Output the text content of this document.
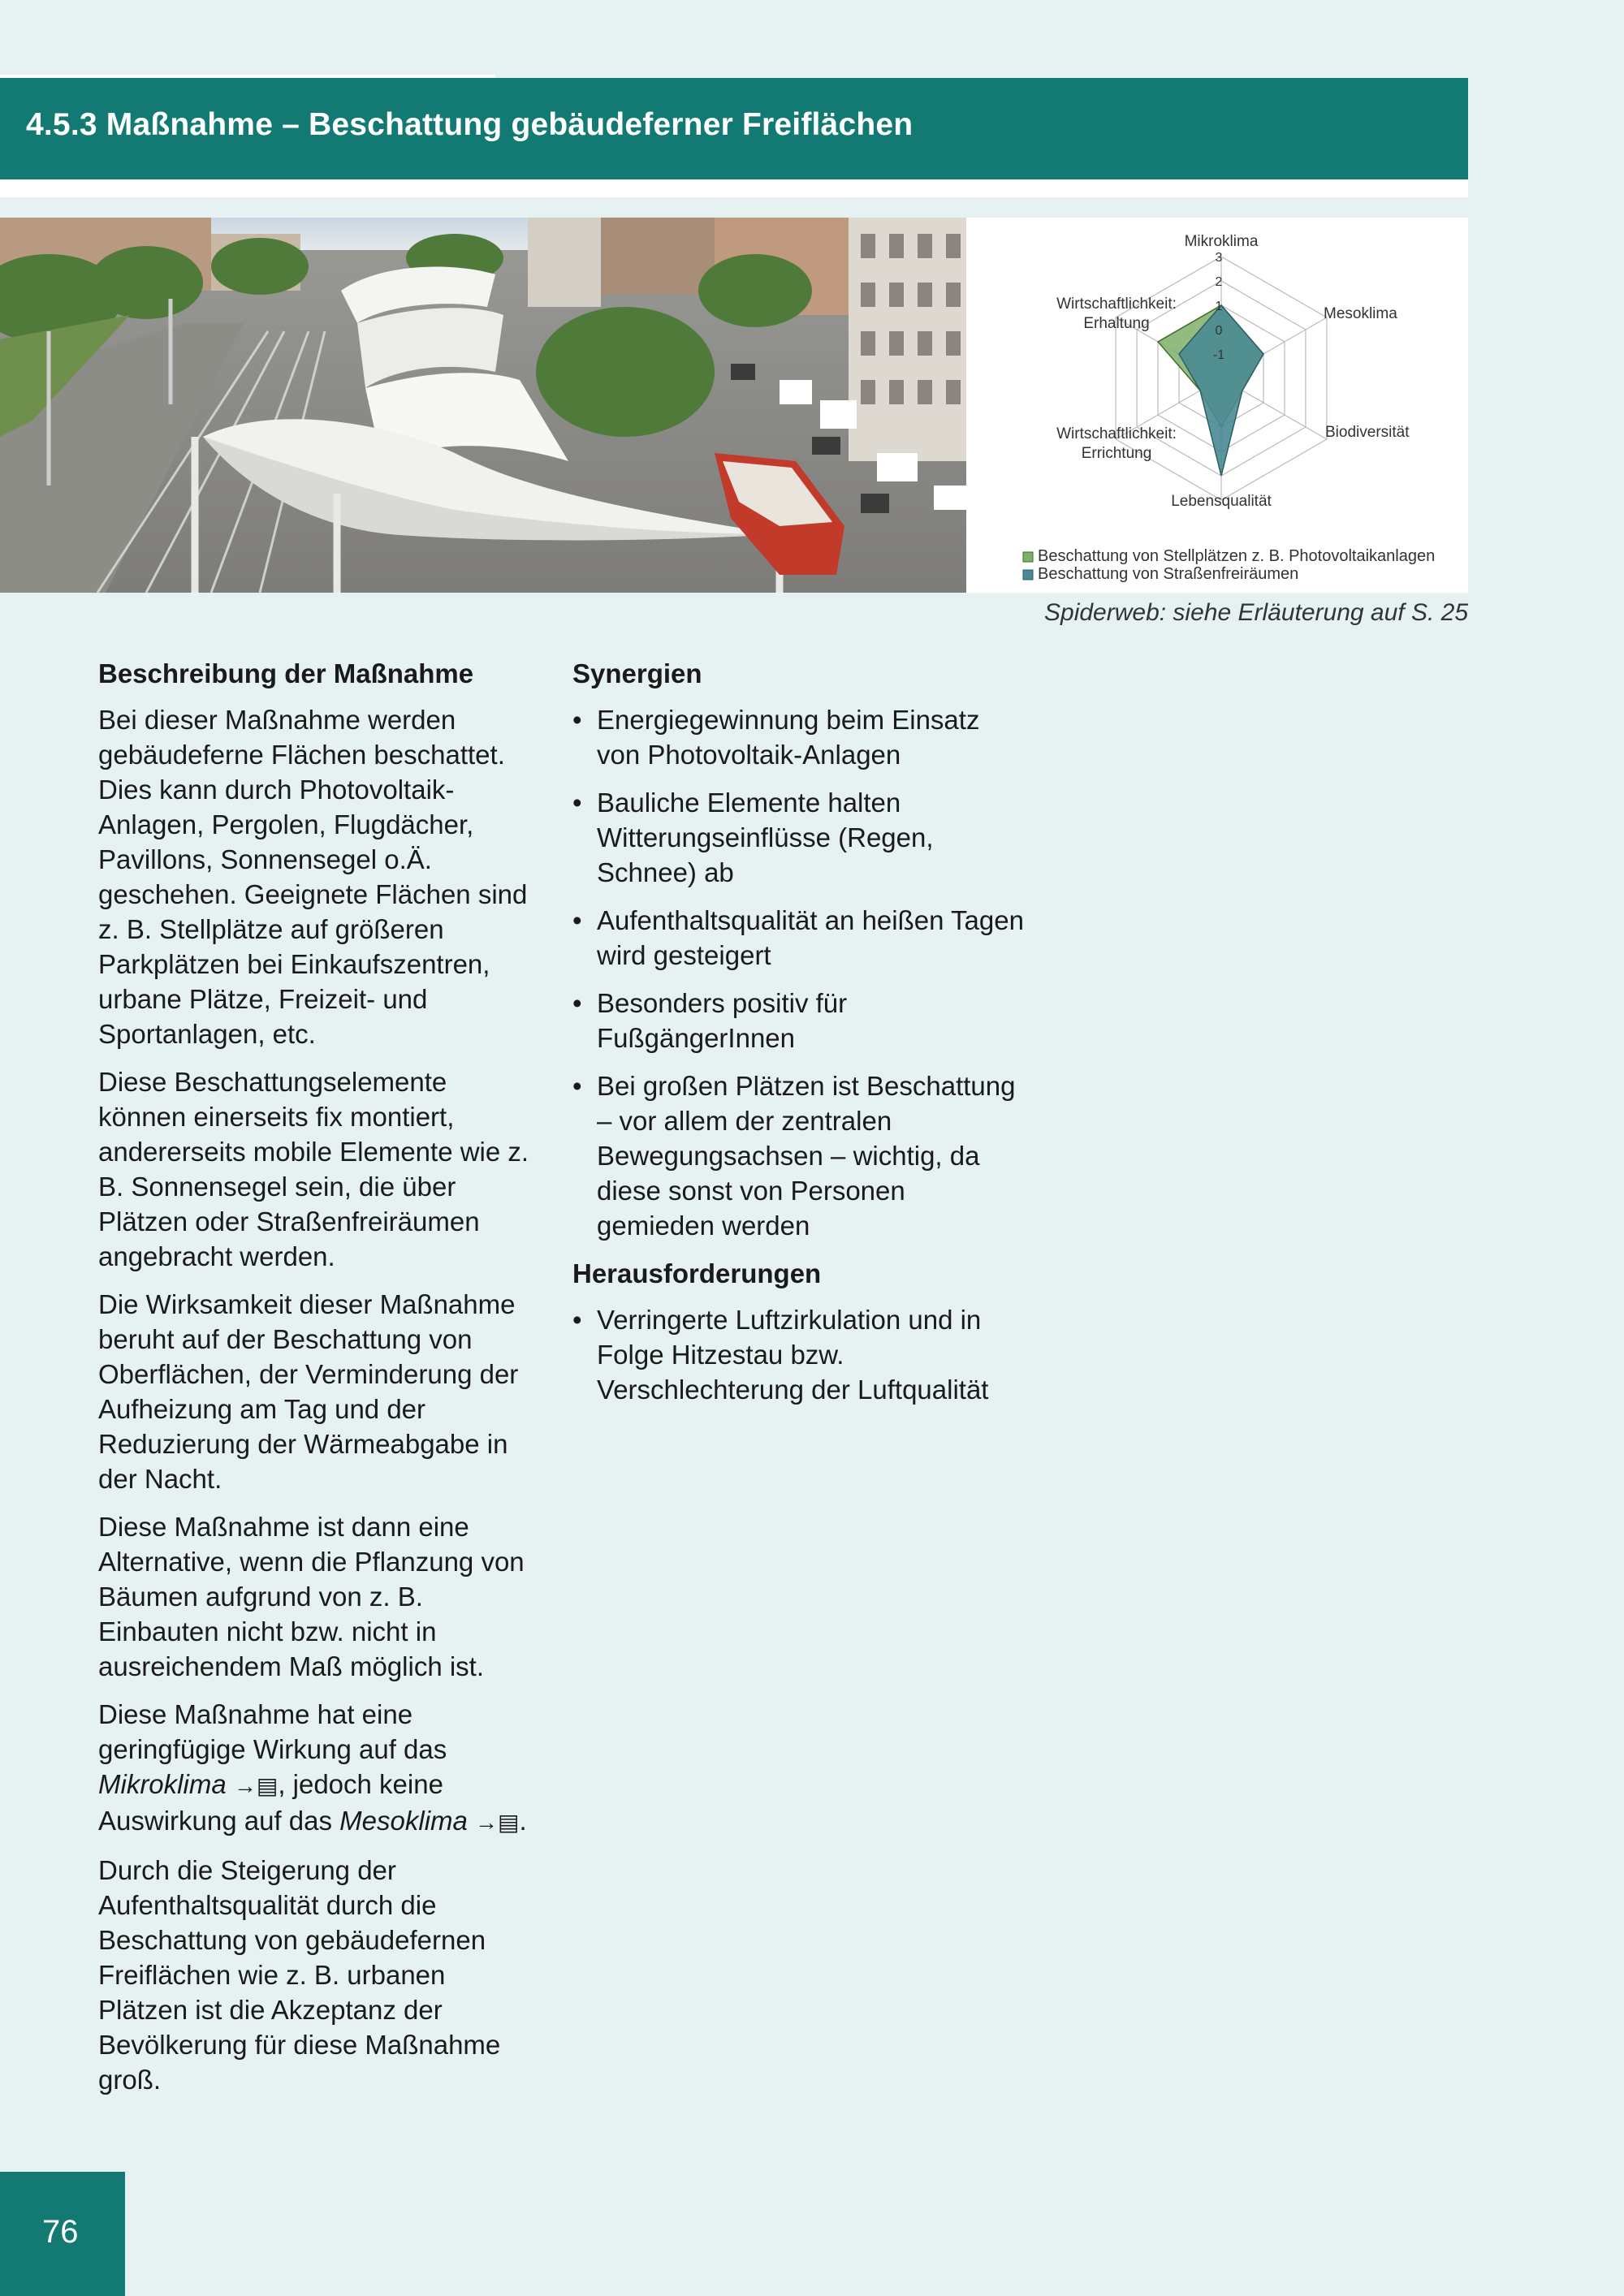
4.5.3 Maßnahme – Beschattung gebäudeferner Freiflächen
Mikroklima
Mesoklima
Biodiversität
Lebensqualität
Wirtschaftlichkeit:
Errichtung
Wirtschaftlichkeit:
Erhaltung
3
2
1
0
-1
Beschattung von Stellplätzen z. B. Photovoltaikanlagen
Beschattung von Straßenfreiräumen
Spiderweb: siehe Erläuterung auf S. 25
Beschreibung der Maßnahme

Bei dieser Maßnahme werden gebäudeferne Flächen beschattet. Dies kann durch Photovoltaik-Anlagen, Pergolen, Flugdächer, Pavillons, Sonnensegel o.Ä. geschehen. Geeignete Flächen sind z. B. Stellplätze auf größeren Parkplätzen bei Einkaufszentren, urbane Plätze, Freizeit- und Sportanlagen, etc.

Diese Beschattungselemente können einerseits fix montiert, andererseits mobile Elemente wie z. B. Sonnensegel sein, die über Plätzen oder Straßenfreiräumen angebracht werden.

Die Wirksamkeit dieser Maßnahme beruht auf der Beschattung von Oberflächen, der Verminderung der Aufheizung am Tag und der Reduzierung der Wärmeabgabe in der Nacht.

Diese Maßnahme ist dann eine Alternative, wenn die Pflanzung von Bäumen aufgrund von z. B. Einbauten nicht bzw. nicht in ausreichendem Maß möglich ist.

Diese Maßnahme hat eine geringfügige Wirkung auf das Mikroklima →▤, jedoch keine Auswirkung auf das Mesoklima →▤.

Durch die Steigerung der Aufenthaltsqualität durch die Beschattung von gebäudefernen Freiflächen wie z. B. urbanen Plätzen ist die Akzeptanz der Bevölkerung für diese Maßnahme groß.

Synergien
• Energiegewinnung beim Einsatz von Photovoltaik-Anlagen
• Bauliche Elemente halten Witterungseinflüsse (Regen, Schnee) ab
• Aufenthaltsqualität an heißen Tagen wird gesteigert
• Besonders positiv für FußgängerInnen
• Bei großen Plätzen ist Beschattung – vor allem der zentralen Bewegungsachsen – wichtig, da diese sonst von Personen gemieden werden
Herausforderungen
• Verringerte Luftzirkulation und in Folge Hitzestau bzw. Verschlechterung der Luftqualität
76
